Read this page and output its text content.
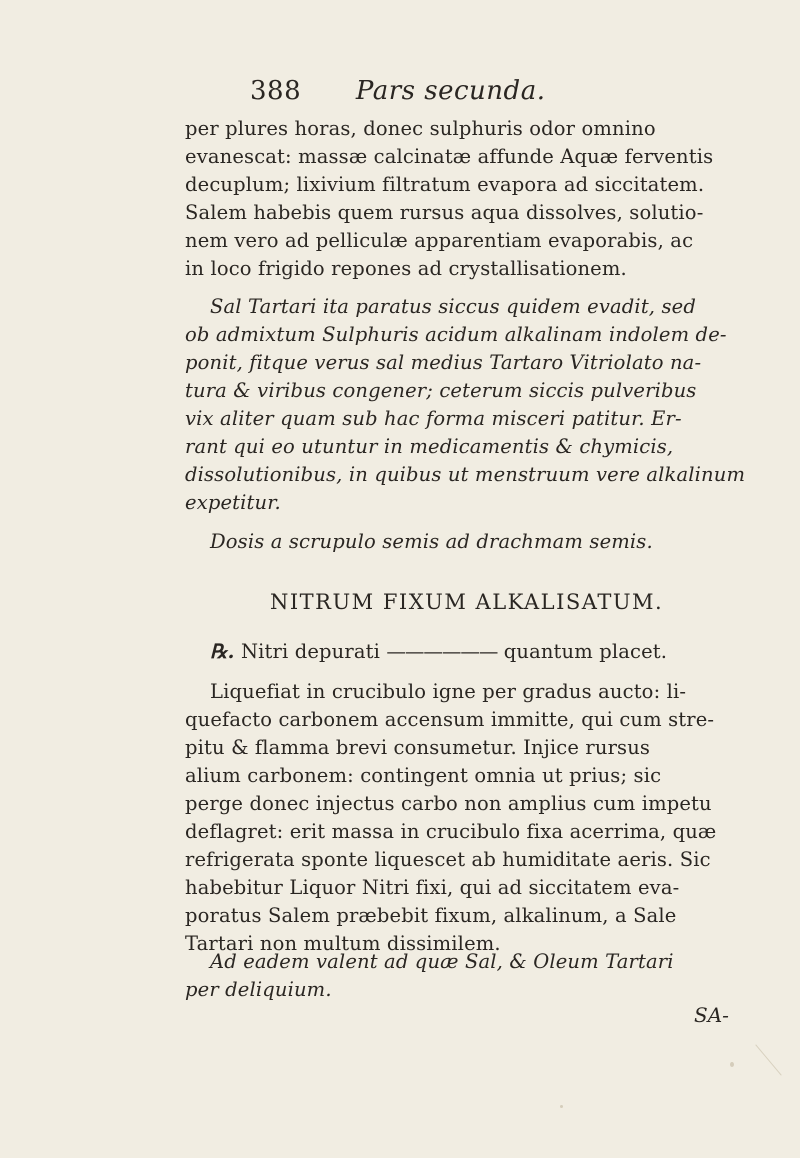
388 Pars secunda.
per plures horas, donec sulphuris odor omnino
evanescat: massæ calcinatæ affunde Aquæ ferventis
decuplum; lixivium filtratum evapora ad siccitatem.
Salem habebis quem rursus aqua dissolves, solutio-
nem vero ad pelliculæ apparentiam evaporabis, ac
in loco frigido repones ad crystallisationem.
Sal Tartari ita paratus siccus quidem evadit, sed
ob admixtum Sulphuris acidum alkalinam indolem de-
ponit, fitque verus sal medius Tartaro Vitriolato na-
tura & viribus congener; ceterum siccis pulveribus
vix aliter quam sub hac forma misceri patitur. Er-
rant qui eo utuntur in medicamentis & chymicis,
dissolutionibus, in quibus ut menstruum vere alkalinum
expetitur.
Dosis a scrupulo semis ad drachmam semis.
NITRUM FIXUM ALKALISATUM.
℞. Nitri depurati —————— quantum placet.
Liquefiat in crucibulo igne per gradus aucto: li-
quefacto carbonem accensum immitte, qui cum stre-
pitu & flamma brevi consumetur. Injice rursus
alium carbonem: contingent omnia ut prius; sic
perge donec injectus carbo non amplius cum impetu
deflagret: erit massa in crucibulo fixa acerrima, quæ
refrigerata sponte liquescet ab humiditate aeris. Sic
habebitur Liquor Nitri fixi, qui ad siccitatem eva-
poratus Salem præbebit fixum, alkalinum, a Sale
Tartari non multum dissimilem.
Ad eadem valent ad quæ Sal, & Oleum Tartari
per deliquium.
SA-
